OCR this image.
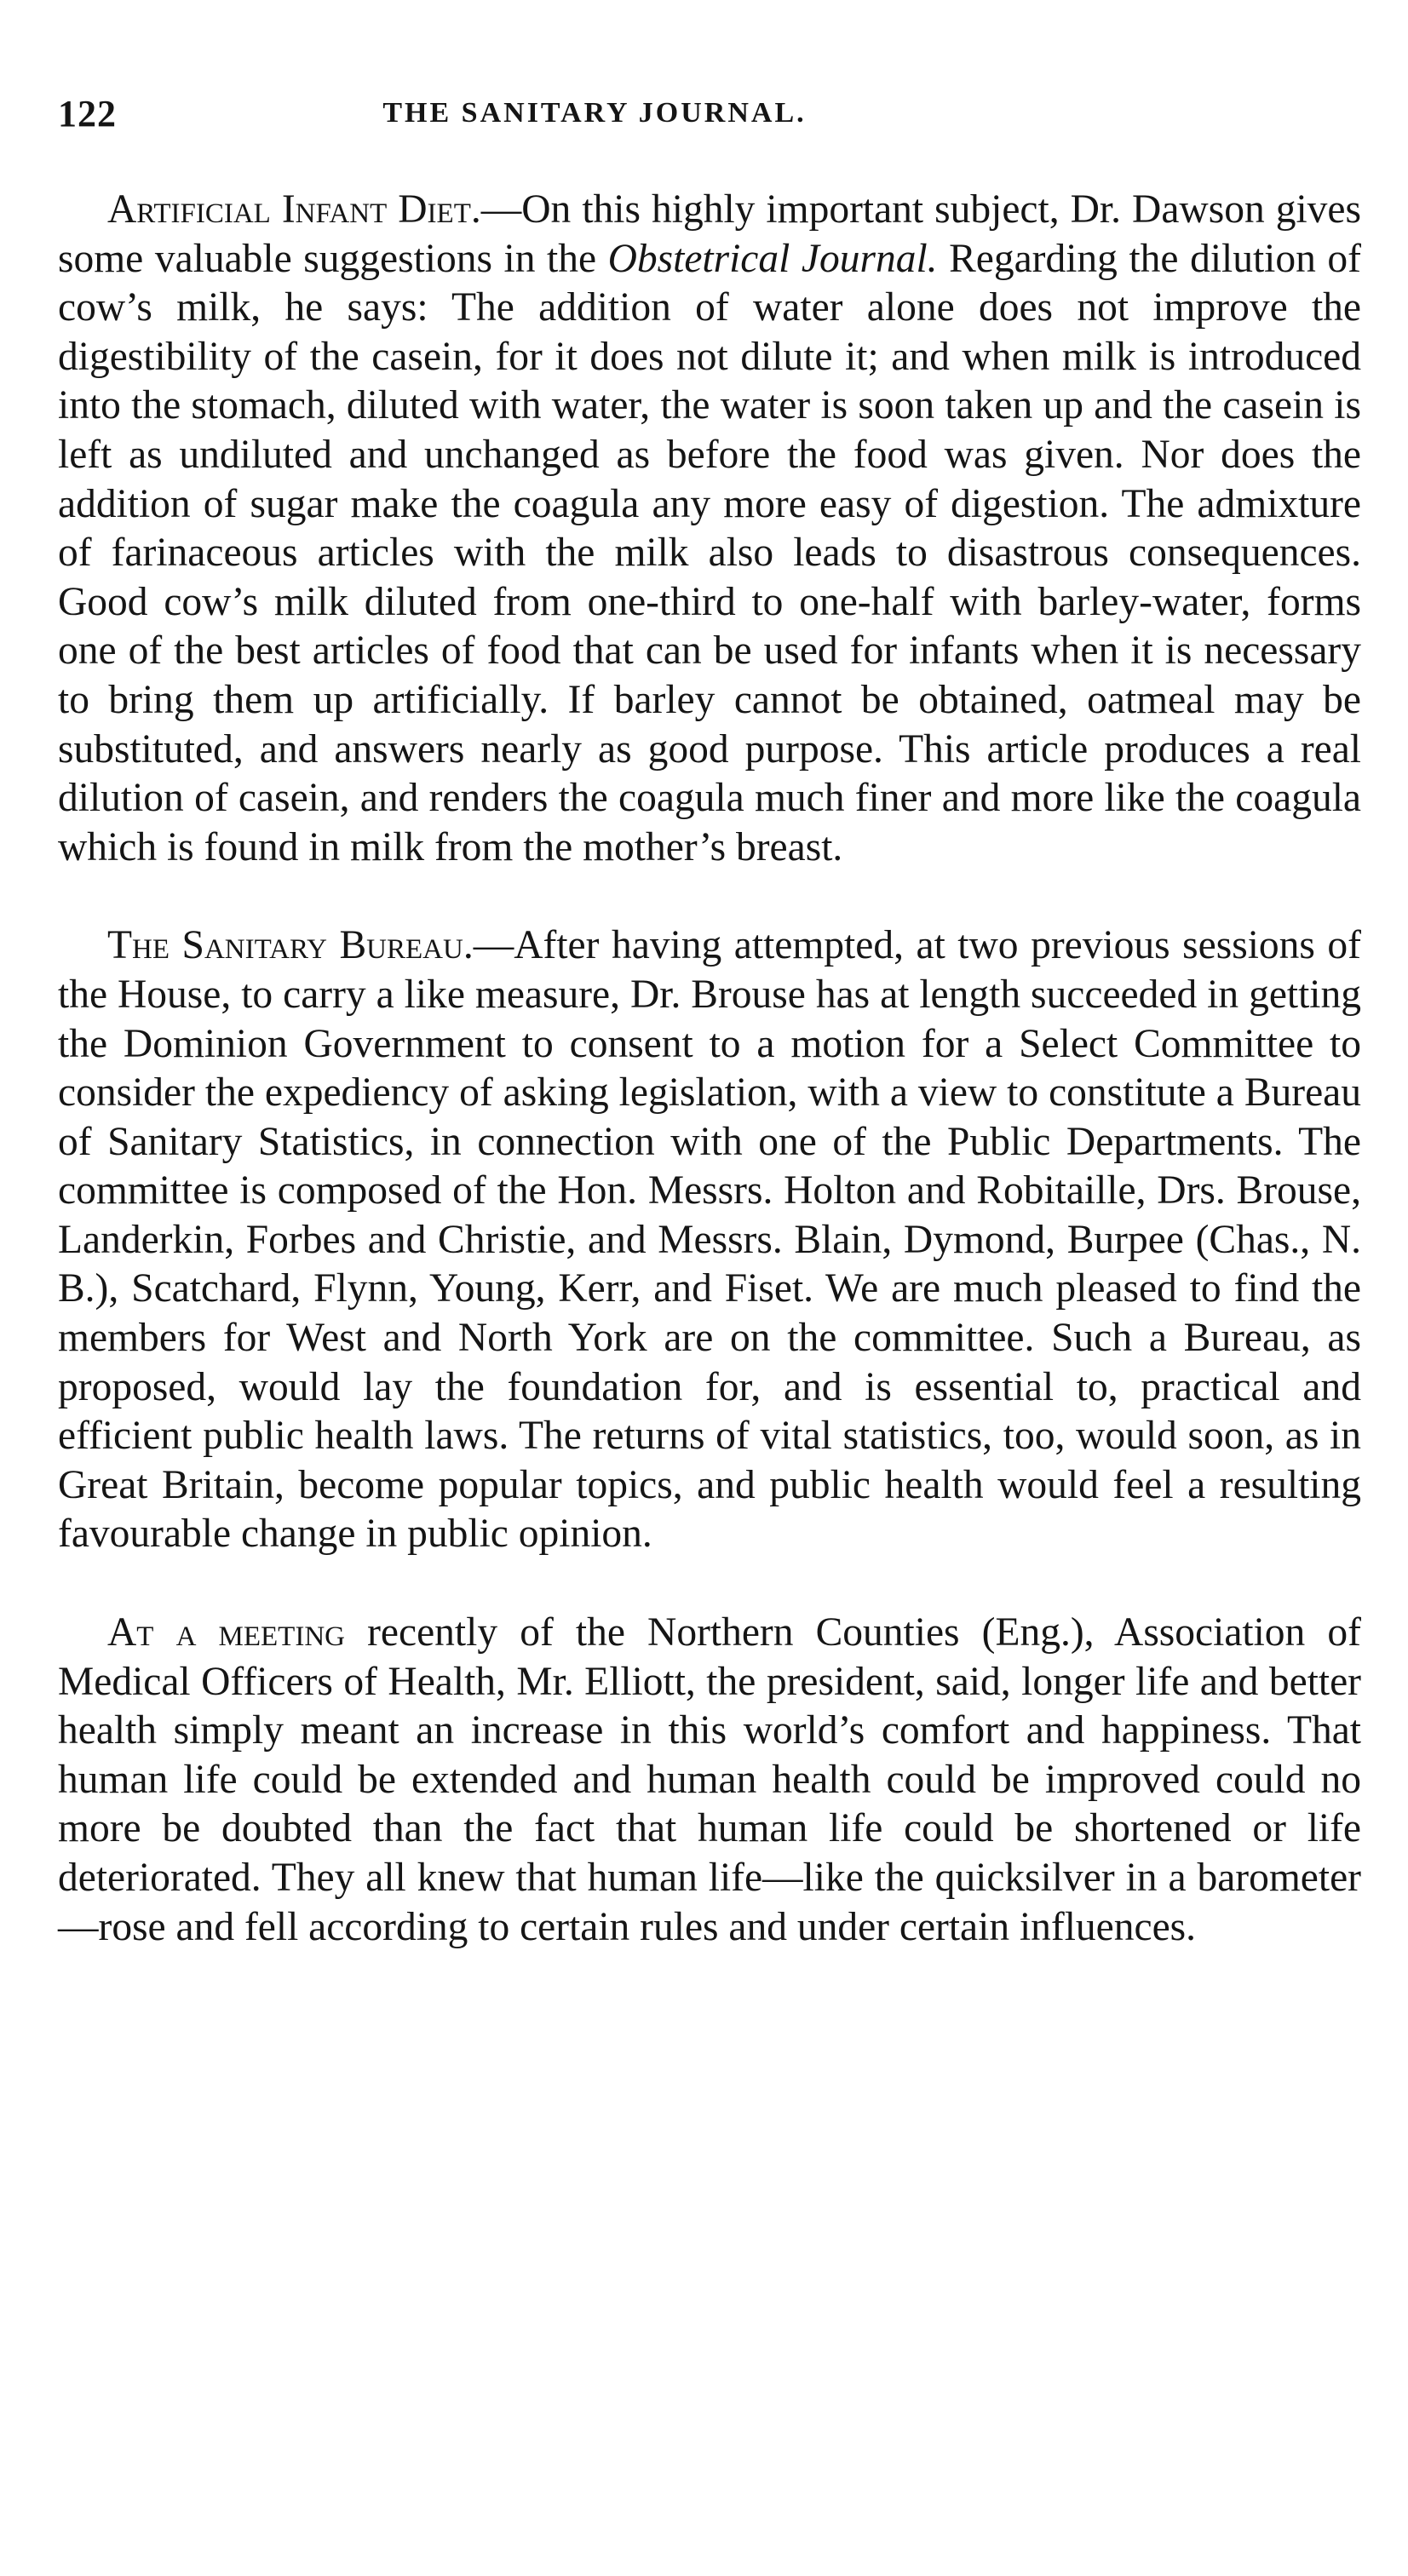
122	THE SANITARY JOURNAL.

Artificial Infant Diet.—On this highly important subject, Dr. Dawson gives some valuable suggestions in the Obstetrical Journal. Regarding the dilution of cow’s milk, he says: The addition of water alone does not improve the digestibility of the casein, for it does not dilute it; and when milk is introduced into the stomach, diluted with water, the water is soon taken up and the casein is left as undiluted and unchanged as before the food was given. Nor does the addition of sugar make the coagula any more easy of digestion. The admixture of farinaceous articles with the milk also leads to disastrous consequences. Good cow’s milk diluted from one-third to one-half with barley-water, forms one of the best articles of food that can be used for infants when it is necessary to bring them up artificially. If barley cannot be obtained, oatmeal may be substituted, and answers nearly as good purpose. This article produces a real dilution of casein, and renders the coagula much finer and more like the coagula which is found in milk from the mother’s breast.

The Sanitary Bureau.—After having attempted, at two previous sessions of the House, to carry a like measure, Dr. Brouse has at length succeeded in getting the Dominion Government to consent to a motion for a Select Committee to consider the expediency of asking legislation, with a view to constitute a Bureau of Sanitary Statistics, in connection with one of the Public Departments. The committee is composed of the Hon. Messrs. Holton and Robitaille, Drs. Brouse, Landerkin, Forbes and Christie, and Messrs. Blain, Dymond, Burpee (Chas., N. B.), Scatchard, Flynn, Young, Kerr, and Fiset. We are much pleased to find the members for West and North York are on the committee. Such a Bureau, as proposed, would lay the foundation for, and is essential to, practical and efficient public health laws. The returns of vital statistics, too, would soon, as in Great Britain, become popular topics, and public health would feel a resulting favourable change in public opinion.

At a meeting recently of the Northern Counties (Eng.), Association of Medical Officers of Health, Mr. Elliott, the president, said, longer life and better health simply meant an increase in this world’s comfort and happiness. That human life could be extended and human health could be improved could no more be doubted than the fact that human life could be shortened or life deteriorated. They all knew that human life—like the quicksilver in a barometer—rose and fell according to certain rules and under certain influences.
